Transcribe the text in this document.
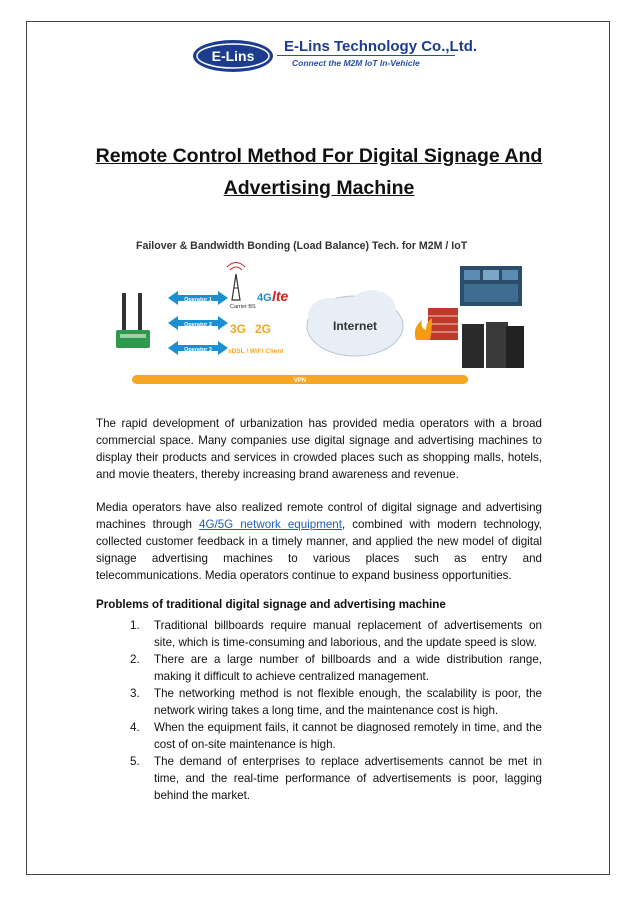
E-Lins
E-Lins Technology Co.,Ltd.
Connect the M2M IoT In-Vehicle
Remote Control Method For Digital Signage And Advertising Machine
Operator 1
Operator 2
Operator 3
Carrier BS
4G lte
3G 2G
xDSL / WiFi Client
Internet
VPN
Failover & Bandwidth Bonding (Load Balance) Tech. for M2M / IoT
The rapid development of urbanization has provided media operators with a broad commercial space. Many companies use digital signage and advertising machines to display their products and services in crowded places such as shopping malls, hotels, and movie theaters, thereby increasing brand awareness and revenue.
Media operators have also realized remote control of digital signage and advertising machines through 4G/5G network equipment, combined with modern technology, collected customer feedback in a timely manner, and applied the new model of digital signage advertising machines to various places such as entry and telecommunications. Media operators continue to expand business opportunities.
Problems of traditional digital signage and advertising machine
1. Traditional billboards require manual replacement of advertisements on site, which is time-consuming and laborious, and the update speed is slow.
2. There are a large number of billboards and a wide distribution range, making it difficult to achieve centralized management.
3. The networking method is not flexible enough, the scalability is poor, the network wiring takes a long time, and the maintenance cost is high.
4. When the equipment fails, it cannot be diagnosed remotely in time, and the cost of on-site maintenance is high.
5. The demand of enterprises to replace advertisements cannot be met in time, and the real-time performance of advertisements is poor, lagging behind the market.
